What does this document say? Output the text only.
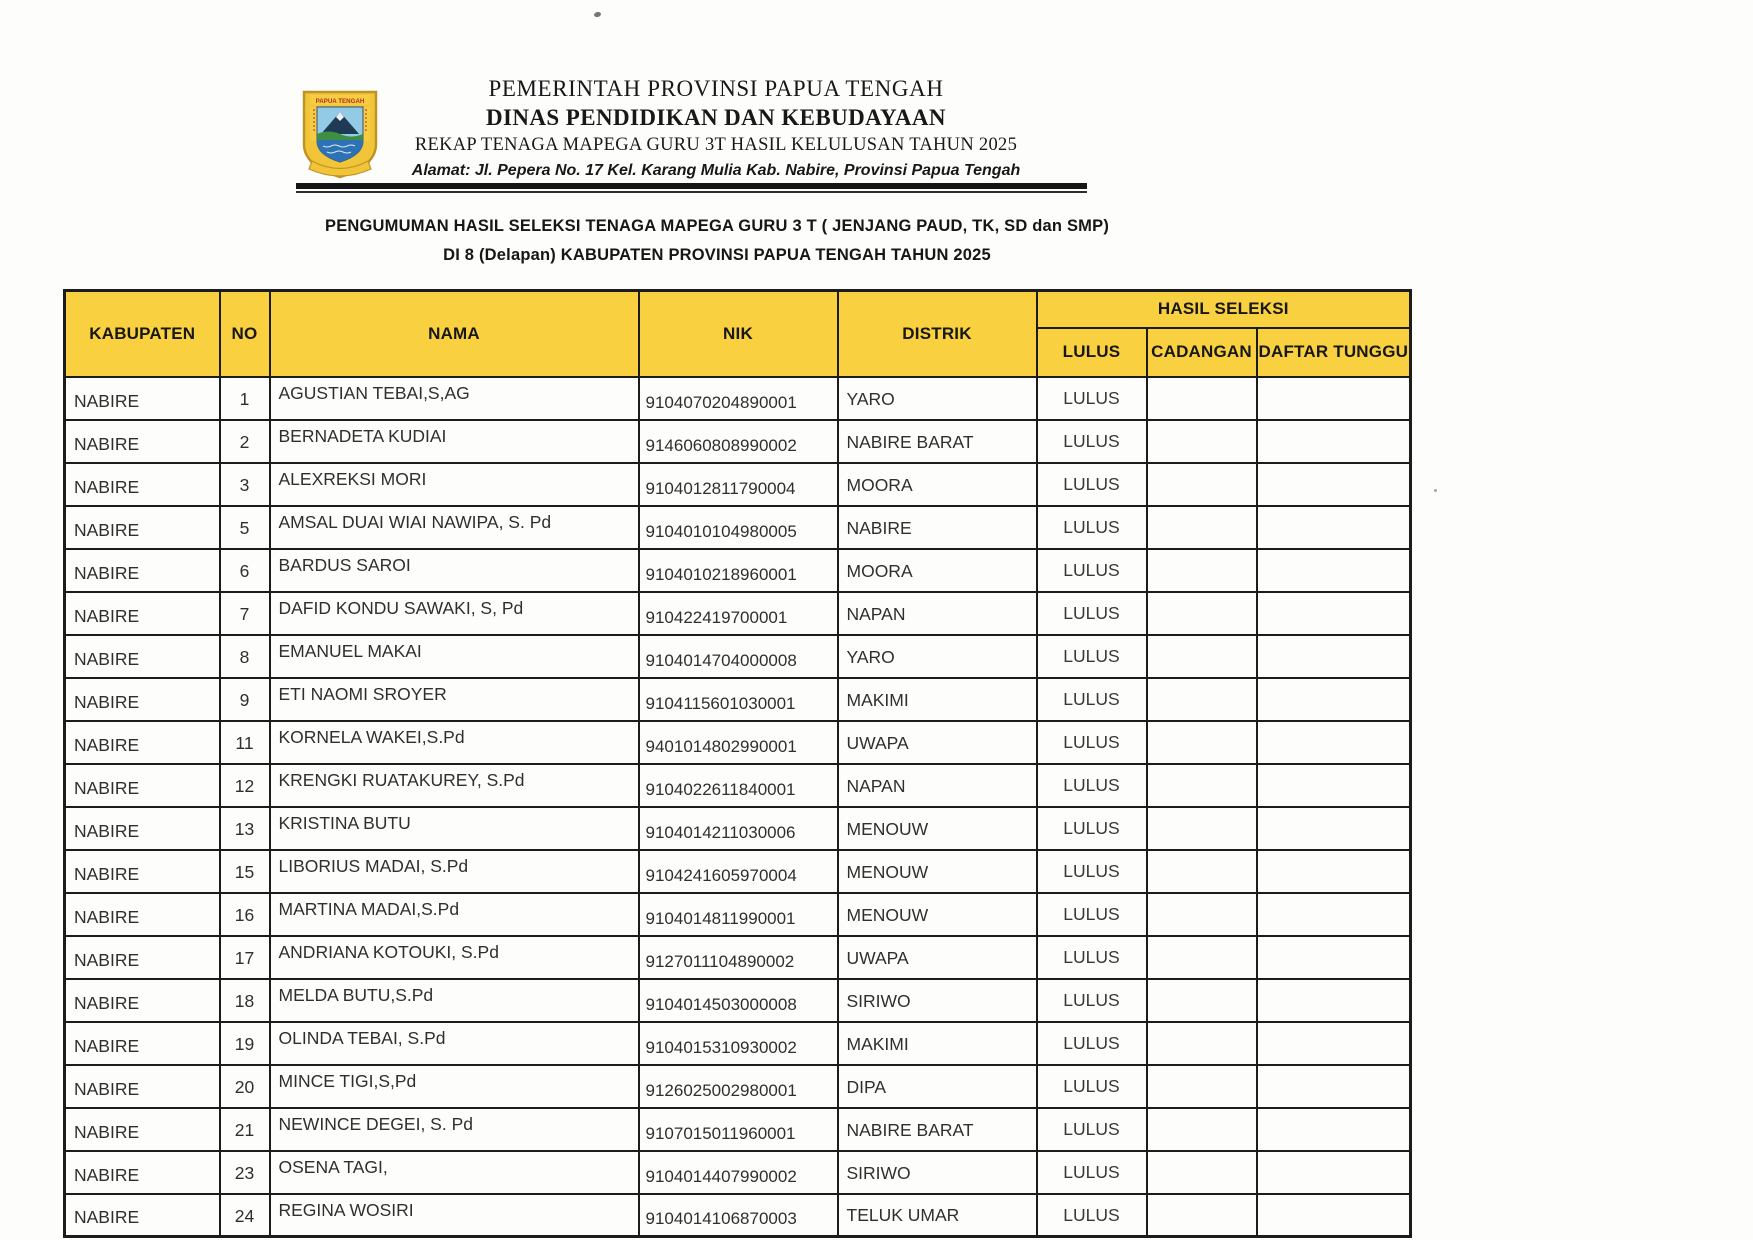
PAPUA TENGAH
PEMERINTAH PROVINSI PAPUA TENGAH
DINAS PENDIDIKAN DAN KEBUDAYAAN
REKAP TENAGA MAPEGA GURU 3T HASIL KELULUSAN TAHUN 2025
Alamat: Jl. Pepera No. 17 Kel. Karang Mulia Kab. Nabire, Provinsi Papua Tengah
PENGUMUMAN HASIL SELEKSI TENAGA MAPEGA GURU 3 T ( JENJANG PAUD, TK, SD dan SMP)
DI 8 (Delapan) KABUPATEN PROVINSI PAPUA TENGAH TAHUN 2025
KABUPATEN	NO	NAMA	NIK	DISTRIK	HASIL SELEKSI		
					LULUS	CADANGAN	DAFTAR TUNGGU
NABIRE	1	AGUSTIAN TEBAI,S,AG	9104070204890001	YARO	LULUS		
NABIRE	2	BERNADETA KUDIAI	9146060808990002	NABIRE BARAT	LULUS		
NABIRE	3	ALEXREKSI MORI	9104012811790004	MOORA	LULUS		
NABIRE	5	AMSAL DUAI WIAI NAWIPA, S. Pd	9104010104980005	NABIRE	LULUS		
NABIRE	6	BARDUS SAROI	9104010218960001	MOORA	LULUS		
NABIRE	7	DAFID KONDU SAWAKI, S, Pd	910422419700001	NAPAN	LULUS		
NABIRE	8	EMANUEL MAKAI	9104014704000008	YARO	LULUS		
NABIRE	9	ETI NAOMI SROYER	9104115601030001	MAKIMI	LULUS		
NABIRE	11	KORNELA WAKEI,S.Pd	9401014802990001	UWAPA	LULUS		
NABIRE	12	KRENGKI RUATAKUREY, S.Pd	9104022611840001	NAPAN	LULUS		
NABIRE	13	KRISTINA BUTU	9104014211030006	MENOUW	LULUS		
NABIRE	15	LIBORIUS MADAI, S.Pd	9104241605970004	MENOUW	LULUS		
NABIRE	16	MARTINA MADAI,S.Pd	9104014811990001	MENOUW	LULUS		
NABIRE	17	ANDRIANA KOTOUKI, S.Pd	9127011104890002	UWAPA	LULUS		
NABIRE	18	MELDA BUTU,S.Pd	9104014503000008	SIRIWO	LULUS		
NABIRE	19	OLINDA TEBAI, S.Pd	9104015310930002	MAKIMI	LULUS		
NABIRE	20	MINCE TIGI,S,Pd	9126025002980001	DIPA	LULUS		
NABIRE	21	NEWINCE DEGEI, S. Pd	9107015011960001	NABIRE BARAT	LULUS		
NABIRE	23	OSENA TAGI,	9104014407990002	SIRIWO	LULUS		
NABIRE	24	REGINA WOSIRI	9104014106870003	TELUK UMAR	LULUS		
